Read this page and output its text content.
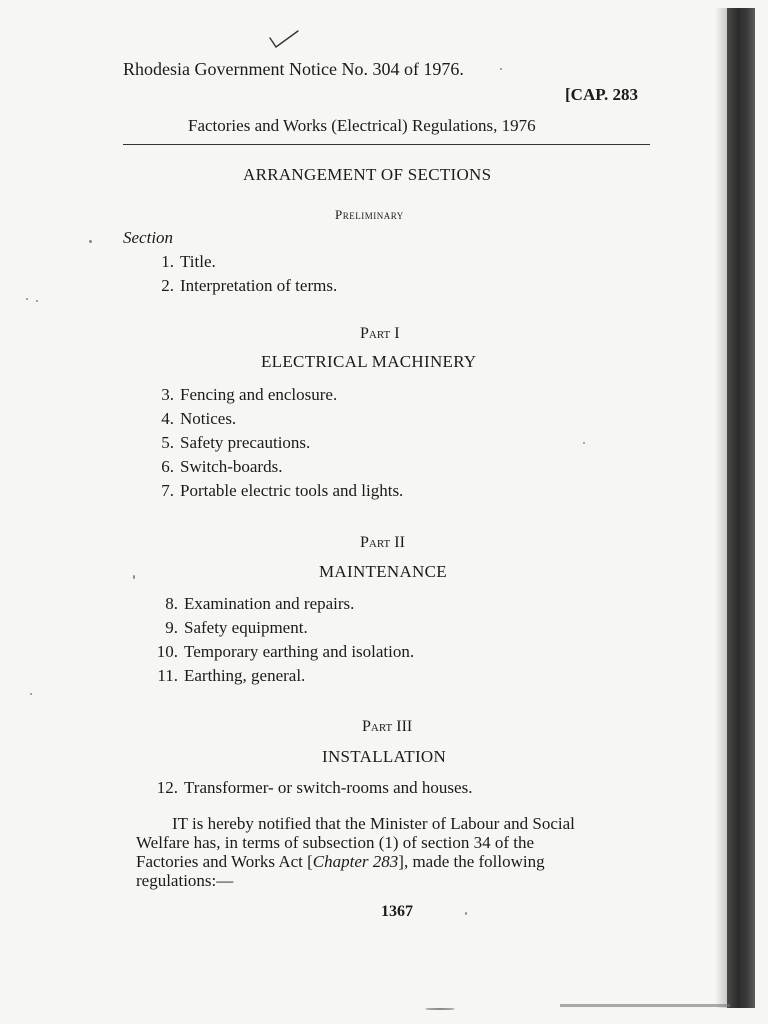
Rhodesia Government Notice No. 304 of 1976.
[CAP. 283
Factories and Works (Electrical) Regulations, 1976
ARRANGEMENT OF SECTIONS
Preliminary
Section
1. Title.
2. Interpretation of terms.
Part I
ELECTRICAL MACHINERY
3. Fencing and enclosure.
4. Notices.
5. Safety precautions.
6. Switch-boards.
7. Portable electric tools and lights.
Part II
MAINTENANCE
8. Examination and repairs.
9. Safety equipment.
10. Temporary earthing and isolation.
11. Earthing, general.
Part III
INSTALLATION
12. Transformer- or switch-rooms and houses.
IT is hereby notified that the Minister of Labour and Social
Welfare has, in terms of subsection (1) of section 34 of the
Factories and Works Act [Chapter 283], made the following
regulations:—
1367
